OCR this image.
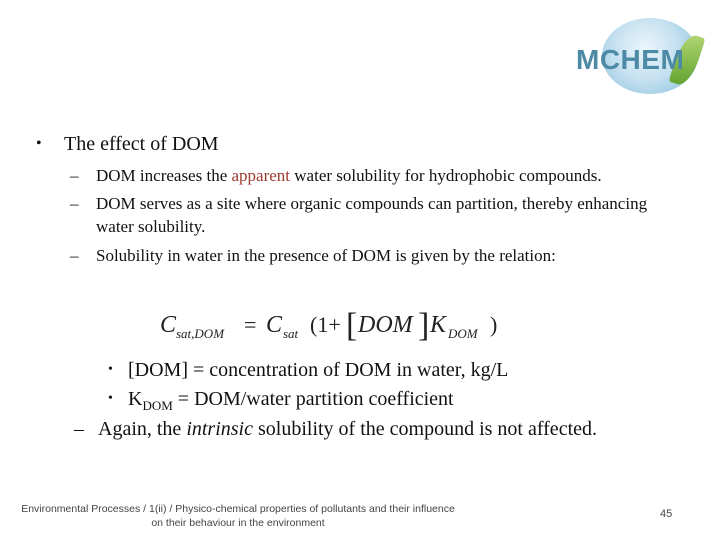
MCHEM
• The effect of DOM
– DOM increases the apparent water solubility for hydrophobic compounds.
– DOM serves as a site where organic compounds can partition, thereby enhancing water solubility.
– Solubility in water in the presence of DOM is given by the relation:
C sat,DOM = C sat (1+ [ DOM ] K DOM )
• [DOM] = concentration of DOM in water, kg/L
• $K_{DOM}$ = DOM/water partition coefficient
– Again, the intrinsic solubility of the compound is not affected.
Environmental Processes / 1(ii) / Physico-chemical properties of pollutants and their influence
on their behaviour in the environment
45
